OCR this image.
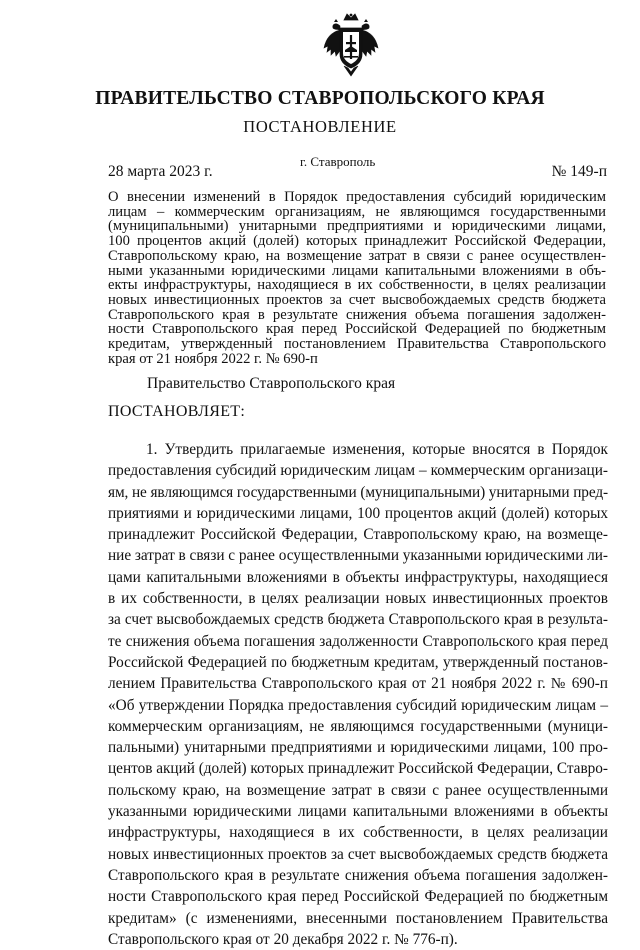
ПРАВИТЕЛЬСТВО СТАВРОПОЛЬСКОГО КРАЯ
ПОСТАНОВЛЕНИЕ
28 марта 2023 г.
г. Ставрополь
№ 149-п
О внесении изменений в Порядок предоставления субсидий юридическим
лицам – коммерческим организациям, не являющимся государственными
(муниципальными) унитарными предприятиями и юридическими лицами,
100 процентов акций (долей) которых принадлежит Российской Федерации,
Ставропольскому краю, на возмещение затрат в связи с ранее осуществлен-
ными указанными юридическими лицами капитальными вложениями в объ-
екты инфраструктуры, находящиеся в их собственности, в целях реализации
новых инвестиционных проектов за счет высвобождаемых средств бюджета
Ставропольского края в результате снижения объема погашения задолжен-
ности Ставропольского края перед Российской Федерацией по бюджетным
кредитам, утвержденный постановлением Правительства Ставропольского
края от 21 ноября 2022 г. № 690-п
Правительство Ставропольского края
ПОСТАНОВЛЯЕТ:
1. Утвердить прилагаемые изменения, которые вносятся в Порядок
предоставления субсидий юридическим лицам – коммерческим организаци-
ям, не являющимся государственными (муниципальными) унитарными пред-
приятиями и юридическими лицами, 100 процентов акций (долей) которых
принадлежит Российской Федерации, Ставропольскому краю, на возмеще-
ние затрат в связи с ранее осуществленными указанными юридическими ли-
цами капитальными вложениями в объекты инфраструктуры, находящиеся
в их собственности, в целях реализации новых инвестиционных проектов
за счет высвобождаемых средств бюджета Ставропольского края в результа-
те снижения объема погашения задолженности Ставропольского края перед
Российской Федерацией по бюджетным кредитам, утвержденный постанов-
лением Правительства Ставропольского края от 21 ноября 2022 г. № 690-п
«Об утверждении Порядка предоставления субсидий юридическим лицам –
коммерческим организациям, не являющимся государственными (муници-
пальными) унитарными предприятиями и юридическими лицами, 100 про-
центов акций (долей) которых принадлежит Российской Федерации, Ставро-
польскому краю, на возмещение затрат в связи с ранее осуществленными
указанными юридическими лицами капитальными вложениями в объекты
инфраструктуры, находящиеся в их собственности, в целях реализации
новых инвестиционных проектов за счет высвобождаемых средств бюджета
Ставропольского края в результате снижения объема погашения задолжен-
ности Ставропольского края перед Российской Федерацией по бюджетным
кредитам» (с изменениями, внесенными постановлением Правительства
Ставропольского края от 20 декабря 2022 г. № 776-п).
